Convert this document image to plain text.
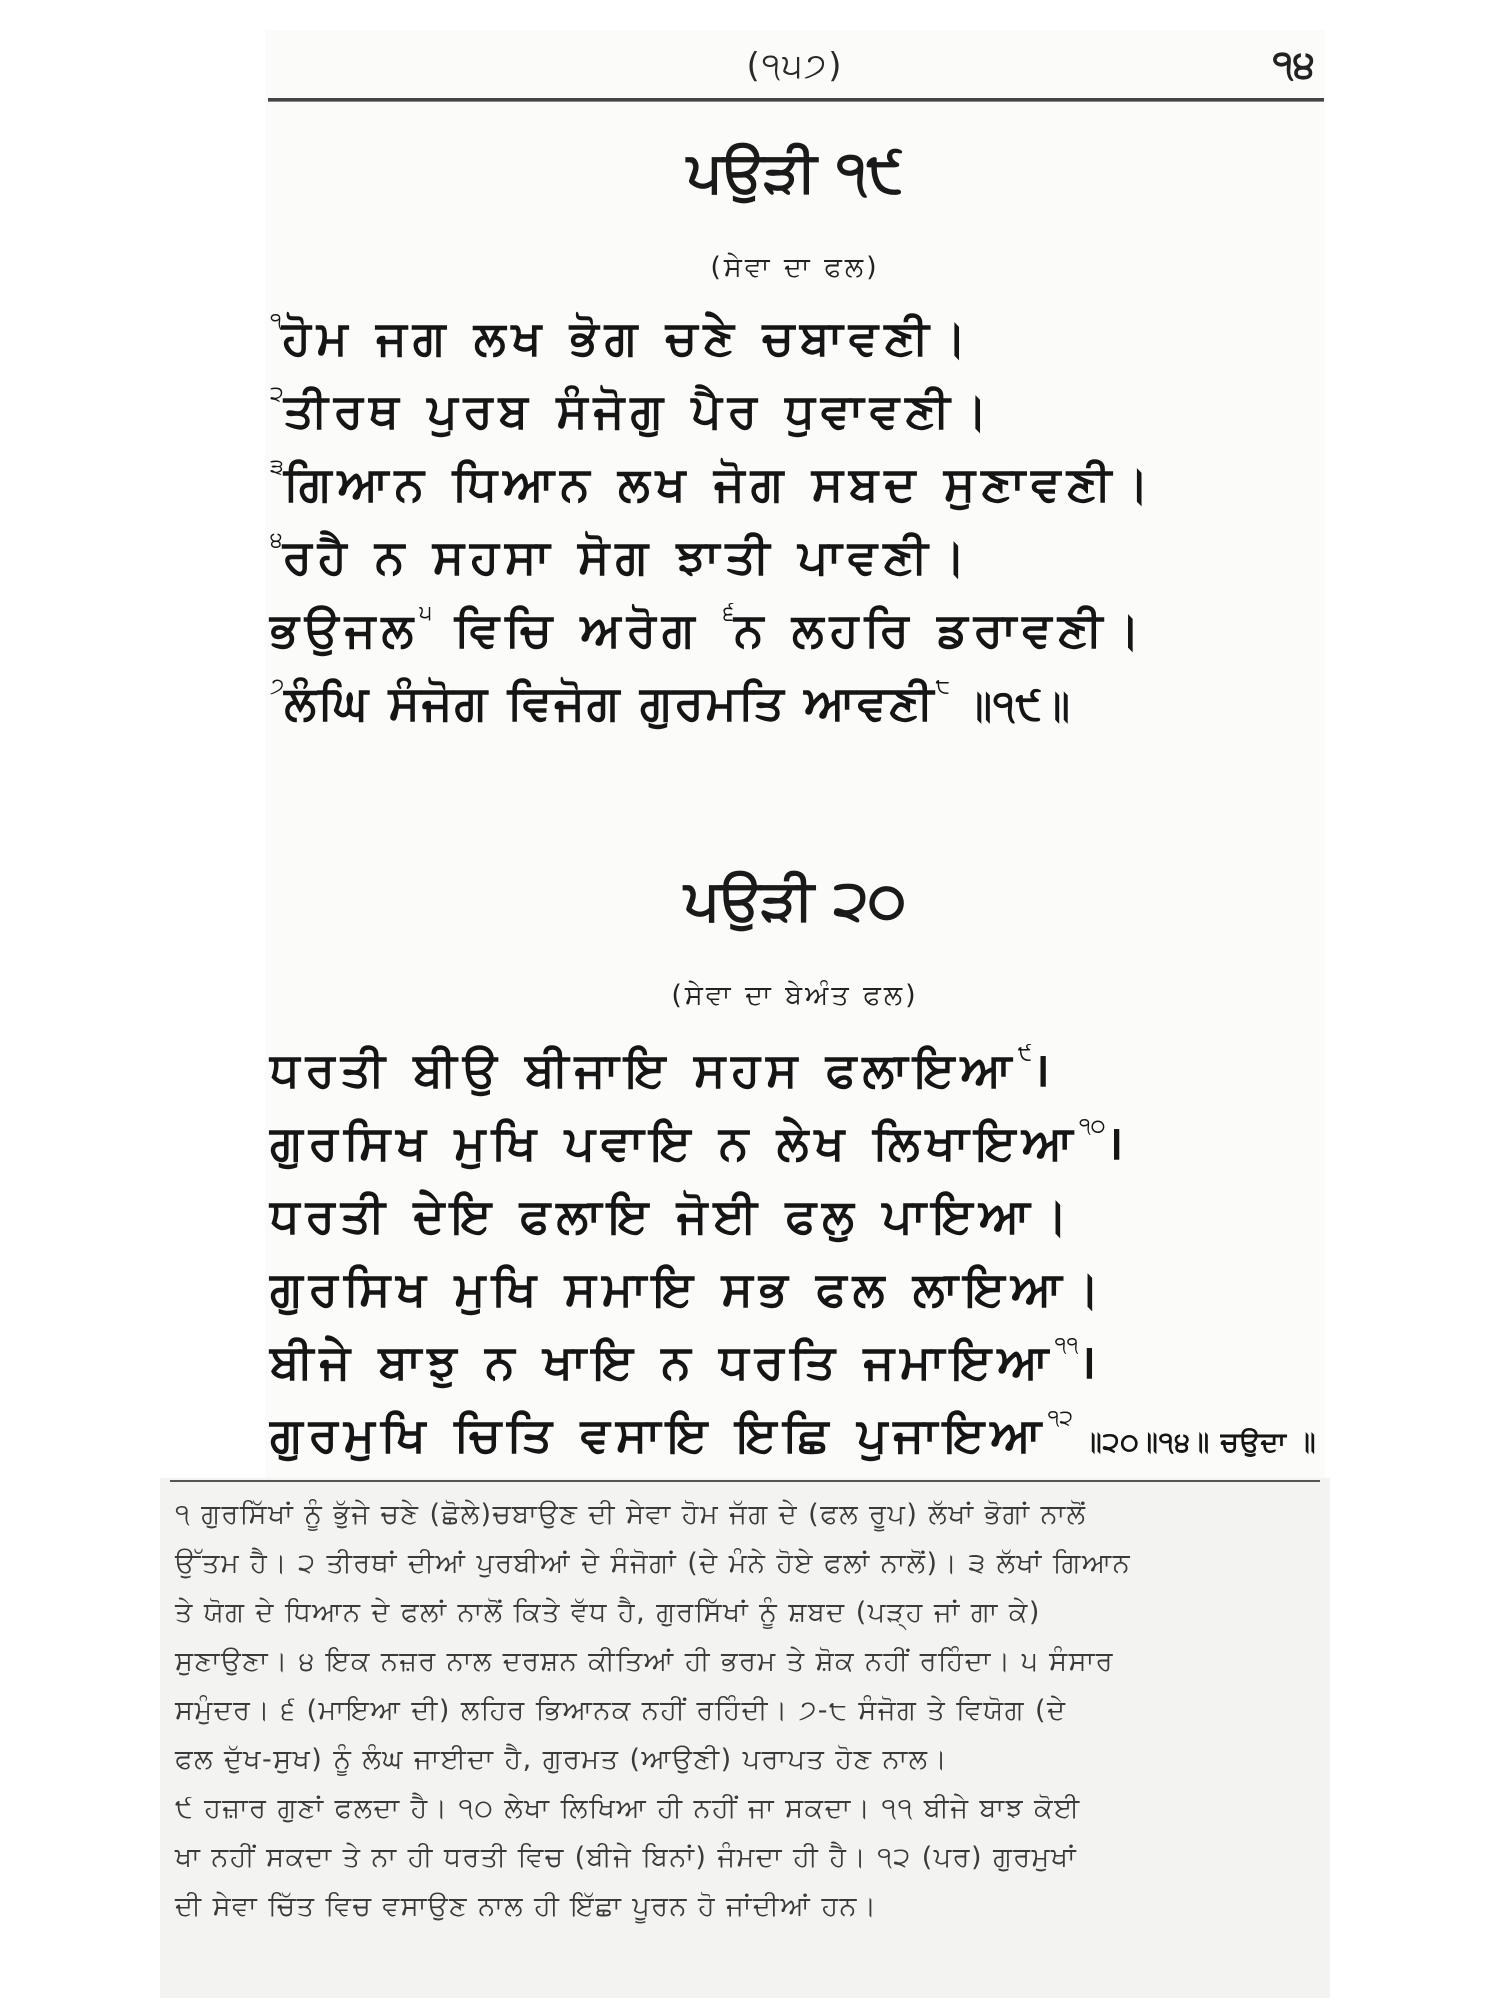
(੧੫੭)	੧੪
ਪਉੜੀ ੧੯
(ਸੇਵਾ ਦਾ ਫਲ)
$^੧$ਹੋਮ ਜਗ ਲਖ ਭੋਗ ਚਣੇ ਚਬਾਵਣੀ।
$^੨$ਤੀਰਥ ਪੁਰਬ ਸੰਜੋਗੁ ਪੈਰ ਧੁਵਾਵਣੀ।
$^੩$ਗਿਆਨ ਧਿਆਨ ਲਖ ਜੋਗ ਸਬਦ ਸੁਣਾਵਣੀ।
$^੪$ਰਹੈ ਨ ਸਹਸਾ ਸੋਗ ਝਾਤੀ ਪਾਵਣੀ।
ਭਉਜਲ$^੫$ ਵਿਚਿ ਅਰੋਗ $^੬$ਨ ਲਹਰਿ ਡਰਾਵਣੀ।
$^੭$ਲੰਘਿ ਸੰਜੋਗ ਵਿਜੋਗ ਗੁਰਮਤਿ ਆਵਣੀ$^੮$ ॥੧੯॥
ਪਉੜੀ ੨੦
(ਸੇਵਾ ਦਾ ਬੇਅੰਤ ਫਲ)
ਧਰਤੀ ਬੀਉ ਬੀਜਾਇ ਸਹਸ ਫਲਾਇਆ$^੯$।
ਗੁਰਸਿਖ ਮੁਖਿ ਪਵਾਇ ਨ ਲੇਖ ਲਿਖਾਇਆ$^{੧੦}$।
ਧਰਤੀ ਦੇਇ ਫਲਾਇ ਜੋਈ ਫਲੁ ਪਾਇਆ।
ਗੁਰਸਿਖ ਮੁਖਿ ਸਮਾਇ ਸਭ ਫਲ ਲਾਇਆ।
ਬੀਜੇ ਬਾਝੁ ਨ ਖਾਇ ਨ ਧਰਤਿ ਜਮਾਇਆ$^{੧੧}$।
ਗੁਰਮੁਖਿ ਚਿਤਿ ਵਸਾਇ ਇਛਿ ਪੁਜਾਇਆ$^{੧੨}$ ॥੨੦॥੧੪॥ ਚਉਦਾ ॥
੧ ਗੁਰਸਿੱਖਾਂ ਨੂੰ ਭੁੱਜੇ ਚਣੇ (ਛੋਲੇ)ਚਬਾਉਣ ਦੀ ਸੇਵਾ ਹੋਮ ਜੱਗ ਦੇ (ਫਲ ਰੂਪ) ਲੱਖਾਂ ਭੋਗਾਂ ਨਾਲੋਂ
ਉੱਤਮ ਹੈ। ੨ ਤੀਰਥਾਂ ਦੀਆਂ ਪੁਰਬੀਆਂ ਦੇ ਸੰਜੋਗਾਂ (ਦੇ ਮੰਨੇ ਹੋਏ ਫਲਾਂ ਨਾਲੋਂ)। ੩ ਲੱਖਾਂ ਗਿਆਨ
ਤੇ ਯੋਗ ਦੇ ਧਿਆਨ ਦੇ ਫਲਾਂ ਨਾਲੋਂ ਕਿਤੇ ਵੱਧ ਹੈ, ਗੁਰਸਿੱਖਾਂ ਨੂੰ ਸ਼ਬਦ (ਪੜ੍ਹ ਜਾਂ ਗਾ ਕੇ)
ਸੁਣਾਉਣਾ। ੪ ਇਕ ਨਜ਼ਰ ਨਾਲ ਦਰਸ਼ਨ ਕੀਤਿਆਂ ਹੀ ਭਰਮ ਤੇ ਸ਼ੋਕ ਨਹੀਂ ਰਹਿੰਦਾ। ੫ ਸੰਸਾਰ
ਸਮੁੰਦਰ। ੬ (ਮਾਇਆ ਦੀ) ਲਹਿਰ ਭਿਆਨਕ ਨਹੀਂ ਰਹਿੰਦੀ। ੭-੮ ਸੰਜੋਗ ਤੇ ਵਿਯੋਗ (ਦੇ
ਫਲ ਦੁੱਖ-ਸੁਖ) ਨੂੰ ਲੰਘ ਜਾਈਦਾ ਹੈ, ਗੁਰਮਤ (ਆਉਣੀ) ਪਰਾਪਤ ਹੋਣ ਨਾਲ।
੯ ਹਜ਼ਾਰ ਗੁਣਾਂ ਫਲਦਾ ਹੈ। ੧੦ ਲੇਖਾ ਲਿਖਿਆ ਹੀ ਨਹੀਂ ਜਾ ਸਕਦਾ। ੧੧ ਬੀਜੇ ਬਾਝ ਕੋਈ
ਖਾ ਨਹੀਂ ਸਕਦਾ ਤੇ ਨਾ ਹੀ ਧਰਤੀ ਵਿਚ (ਬੀਜੇ ਬਿਨਾਂ) ਜੰਮਦਾ ਹੀ ਹੈ। ੧੨ (ਪਰ) ਗੁਰਮੁਖਾਂ
ਦੀ ਸੇਵਾ ਚਿੱਤ ਵਿਚ ਵਸਾਉਣ ਨਾਲ ਹੀ ਇੱਛਾ ਪੂਰਨ ਹੋ ਜਾਂਦੀਆਂ ਹਨ।
